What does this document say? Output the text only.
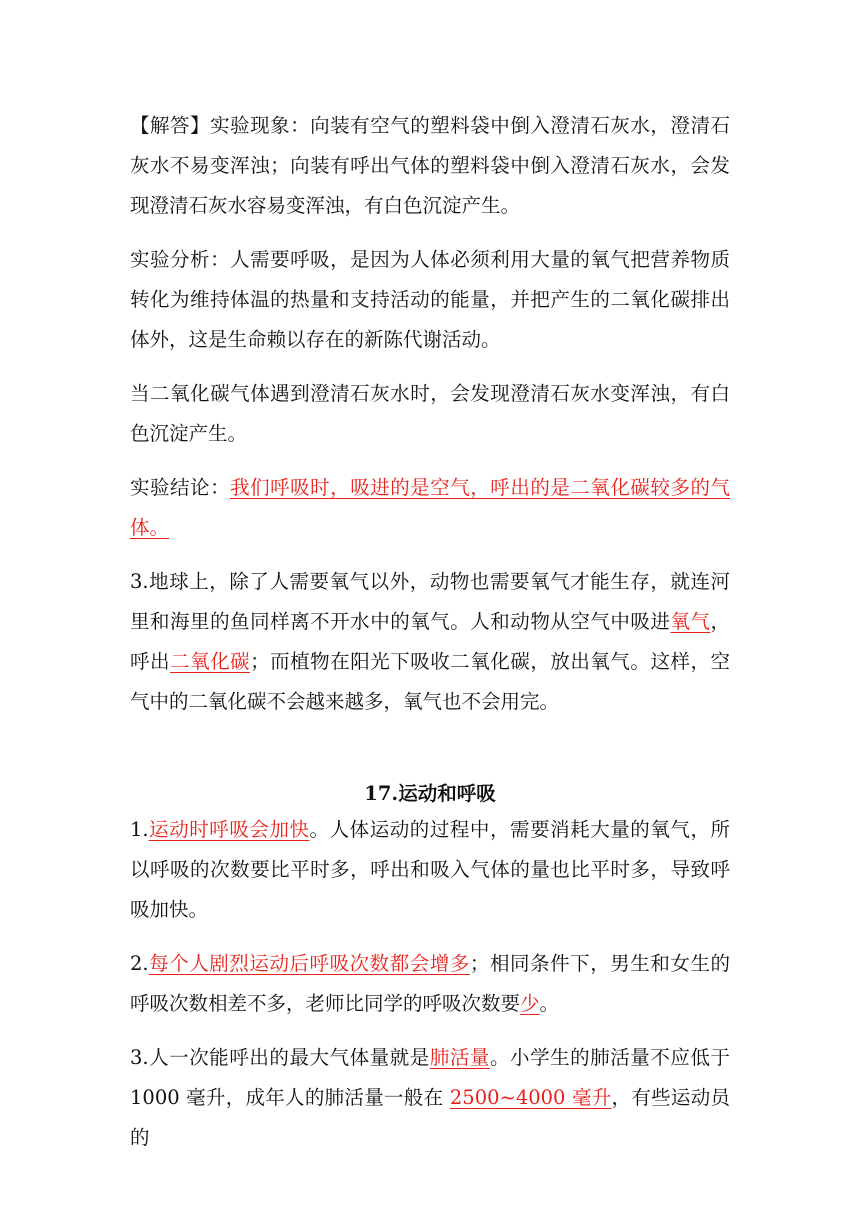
【解答】实验现象：向装有空气的塑料袋中倒入澄清石灰水，澄清石灰水不易变浑浊；向装有呼出气体的塑料袋中倒入澄清石灰水，会发现澄清石灰水容易变浑浊，有白色沉淀产生。

实验分析：人需要呼吸，是因为人体必须利用大量的氧气把营养物质转化为维持体温的热量和支持活动的能量，并把产生的二氧化碳排出体外，这是生命赖以存在的新陈代谢活动。

当二氧化碳气体遇到澄清石灰水时，会发现澄清石灰水变浑浊，有白色沉淀产生。

实验结论：我们呼吸时，吸进的是空气，呼出的是二氧化碳较多的气体。

3.地球上，除了人需要氧气以外，动物也需要氧气才能生存，就连河里和海里的鱼同样离不开水中的氧气。人和动物从空气中吸进氧气，呼出二氧化碳；而植物在阳光下吸收二氧化碳，放出氧气。这样，空气中的二氧化碳不会越来越多，氧气也不会用完。

17.运动和呼吸

1.运动时呼吸会加快。人体运动的过程中，需要消耗大量的氧气，所以呼吸的次数要比平时多，呼出和吸入气体的量也比平时多，导致呼吸加快。

2.每个人剧烈运动后呼吸次数都会增多；相同条件下，男生和女生的呼吸次数相差不多，老师比同学的呼吸次数要少。

3.人一次能呼出的最大气体量就是肺活量。小学生的肺活量不应低于1000 毫升，成年人的肺活量一般在 2500~4000 毫升，有些运动员的
